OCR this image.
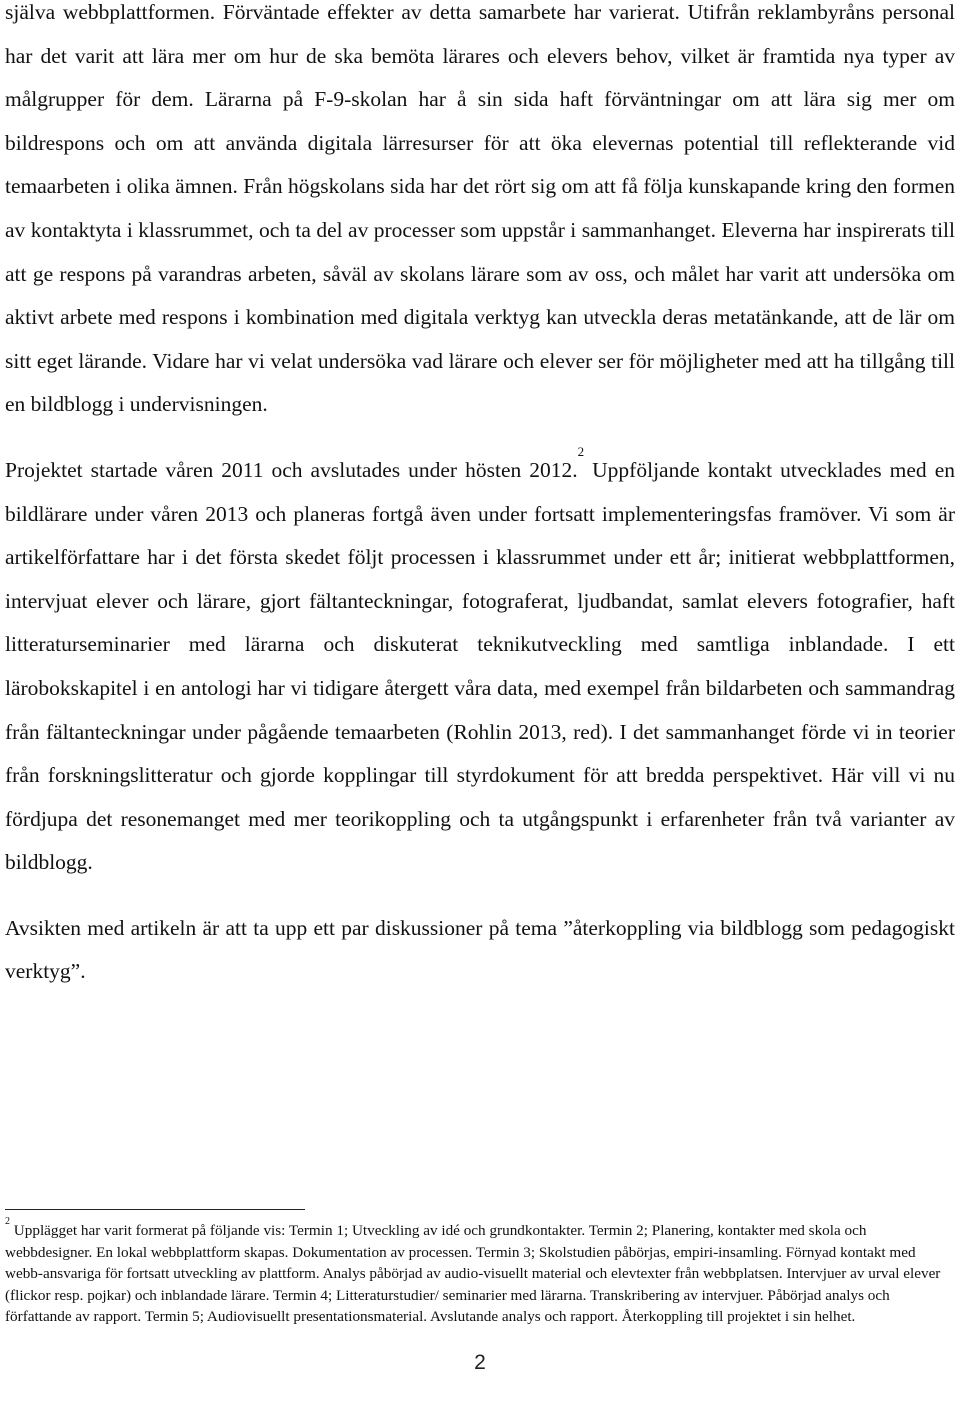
själva webbplattformen. Förväntade effekter av detta samarbete har varierat. Utifrån reklambyråns personal har det varit att lära mer om hur de ska bemöta lärares och elevers behov, vilket är framtida nya typer av målgrupper för dem. Lärarna på F-9-skolan har å sin sida haft förväntningar om att lära sig mer om bildrespons och om att använda digitala lärresurser för att öka elevernas potential till reflekterande vid temaarbeten i olika ämnen. Från högskolans sida har det rört sig om att få följa kunskapande kring den formen av kontaktyta i klassrummet, och ta del av processer som uppstår i sammanhanget. Eleverna har inspirerats till att ge respons på varandras arbeten, såväl av skolans lärare som av oss, och målet har varit att undersöka om aktivt arbete med respons i kombination med digitala verktyg kan utveckla deras metatänkande, att de lär om sitt eget lärande. Vidare har vi velat undersöka vad lärare och elever ser för möjligheter med att ha tillgång till en bildblogg i undervisningen.

Projektet startade våren 2011 och avslutades under hösten 2012.$^2$ Uppföljande kontakt utvecklades med en bildlärare under våren 2013 och planeras fortgå även under fortsatt implementeringsfas framöver. Vi som är artikelförfattare har i det första skedet följt processen i klassrummet under ett år; initierat webbplattformen, intervjuat elever och lärare, gjort fältanteckningar, fotograferat, ljudbandat, samlat elevers fotografier, haft litteraturseminarier med lärarna och diskuterat teknikutveckling med samtliga inblandade. I ett lärobokskapitel i en antologi har vi tidigare återgett våra data, med exempel från bildarbeten och sammandrag från fältanteckningar under pågående temaarbeten (Rohlin 2013, red). I det sammanhanget förde vi in teorier från forskningslitteratur och gjorde kopplingar till styrdokument för att bredda perspektivet. Här vill vi nu fördjupa det resonemanget med mer teorikoppling och ta utgångspunkt i erfarenheter från två varianter av bildblogg.

Avsikten med artikeln är att ta upp ett par diskussioner på tema ”återkoppling via bildblogg som pedagogiskt verktyg”.

$^2$ Upplägget har varit formerat på följande vis: Termin 1; Utveckling av idé och grundkontakter. Termin 2; Planering, kontakter med skola och webbdesigner. En lokal webbplattform skapas. Dokumentation av processen. Termin 3; Skolstudien påbörjas, empiri-insamling. Förnyad kontakt med webb-ansvariga för fortsatt utveckling av plattform. Analys påbörjad av audio-visuellt material och elevtexter från webbplatsen. Intervjuer av urval elever (flickor resp. pojkar) och inblandade lärare. Termin 4; Litteraturstudier/ seminarier med lärarna. Transkribering av intervjuer. Påbörjad analys och författande av rapport. Termin 5; Audiovisuellt presentationsmaterial. Avslutande analys och rapport. Återkoppling till projektet i sin helhet.

2
